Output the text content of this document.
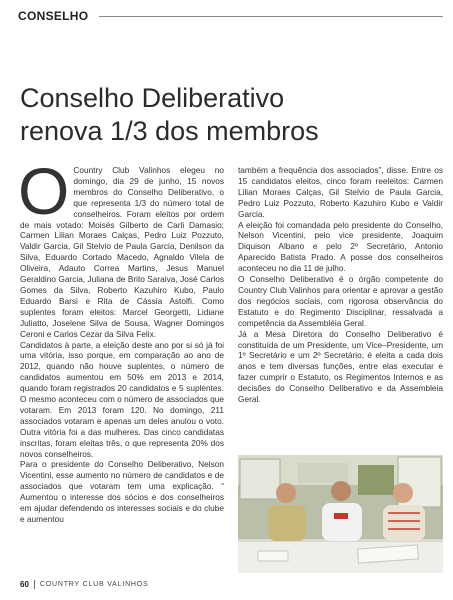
CONSELHO
Conselho Deliberativo
renova 1/3 dos membros

O Country Club Valinhos elegeu no domingo, dia 29 de junho, 15 novos membros do Conselho Deliberativo, o que representa 1/3 do número total de conselheiros. Foram eleitos por ordem de mais votado: Moisés Gilberto de Carli Damasio; Carmen Lilian Moraes Calças, Pedro Luiz Pozzuto, Valdir Garcia, Gil Stelvio de Paula Garcia, Denilson da Silva, Eduardo Cortado Macedo, Agnaldo Vilela de Oliveira, Adauto Correa Martins, Jesus Manuel Geraldino Garcia, Juliana de Brito Saraiva, José Carlos Gomes da Silva, Roberto Kazuhiro Kubo, Paulo Eduardo Barsi e Rita de Cássia Astolfi. Como suplentes foram eleitos: Marcel Georgetti, Lidiane Juliatto, Joselene Silva de Sousa, Wagner Domingos Ceroni e Carlos Cezar da Silva Felix.

Candidatos à parte, a eleição deste ano por si só já foi uma vitória, isso porque, em comparação ao ano de 2012, quando não houve suplentes, o número de candidatos aumentou em 50% em 2013 e 2014, quando foram registrados 20 candidatos e 5 suplentes. O mesmo aconteceu com o número de associados que votaram. Em 2013 foram 120. No domingo, 211 associados votaram e apenas um deles anulou o voto. Outra vitória foi a das mulheres. Das cinco candidatas inscritas, foram eleitas três, o que representa 20% dos novos conselheiros.

Para o presidente do Conselho Deliberativo, Nelson Vicentini, esse aumento no número de candidatos e de associados que votaram tem uma explicação. “ Aumentou o interesse dos sócios e dos conselheiros em ajudar defendendo os interesses sociais e do clube e aumentou

também a frequência dos associados”, disse. Entre os 15 candidatos eleitos, cinco foram reeleitos: Carmen Lilian Moraes Calças, Gil Stelvio de Paula Garcia, Pedro Luiz Pozzuto, Roberto Kazuhiro Kubo e Valdir Garcia.

A eleição foi comandada pelo presidente do Conselho, Nelson Vicentini, pelo vice presidente, Joaquim Diquison Albano e pelo 2º Secretário, Antonio Aparecido Batista Prado. A posse dos conselheiros aconteceu no dia 11 de julho.

O Conselho Deliberativo é o órgão competente do Country Club Valinhos para orientar e aprovar a gestão dos negócios sociais, com rigorosa observância do Estatuto e do Regimento Disciplinar, ressalvada a competência da Assembléia Geral.

Já a Mesa Diretora do Conselho Deliberativo é constituída de um Presidente, um Vice–Presidente, um 1º Secretário e um 2º Secretário, é eleita a cada dois anos e tem diversas funções, entre elas executar e fazer cumprir o Estatuto, os Regimentos Internos e as decisões do Conselho Deliberativo e da Assembleia Geral.

60 COUNTRY CLUB VALINHOS
